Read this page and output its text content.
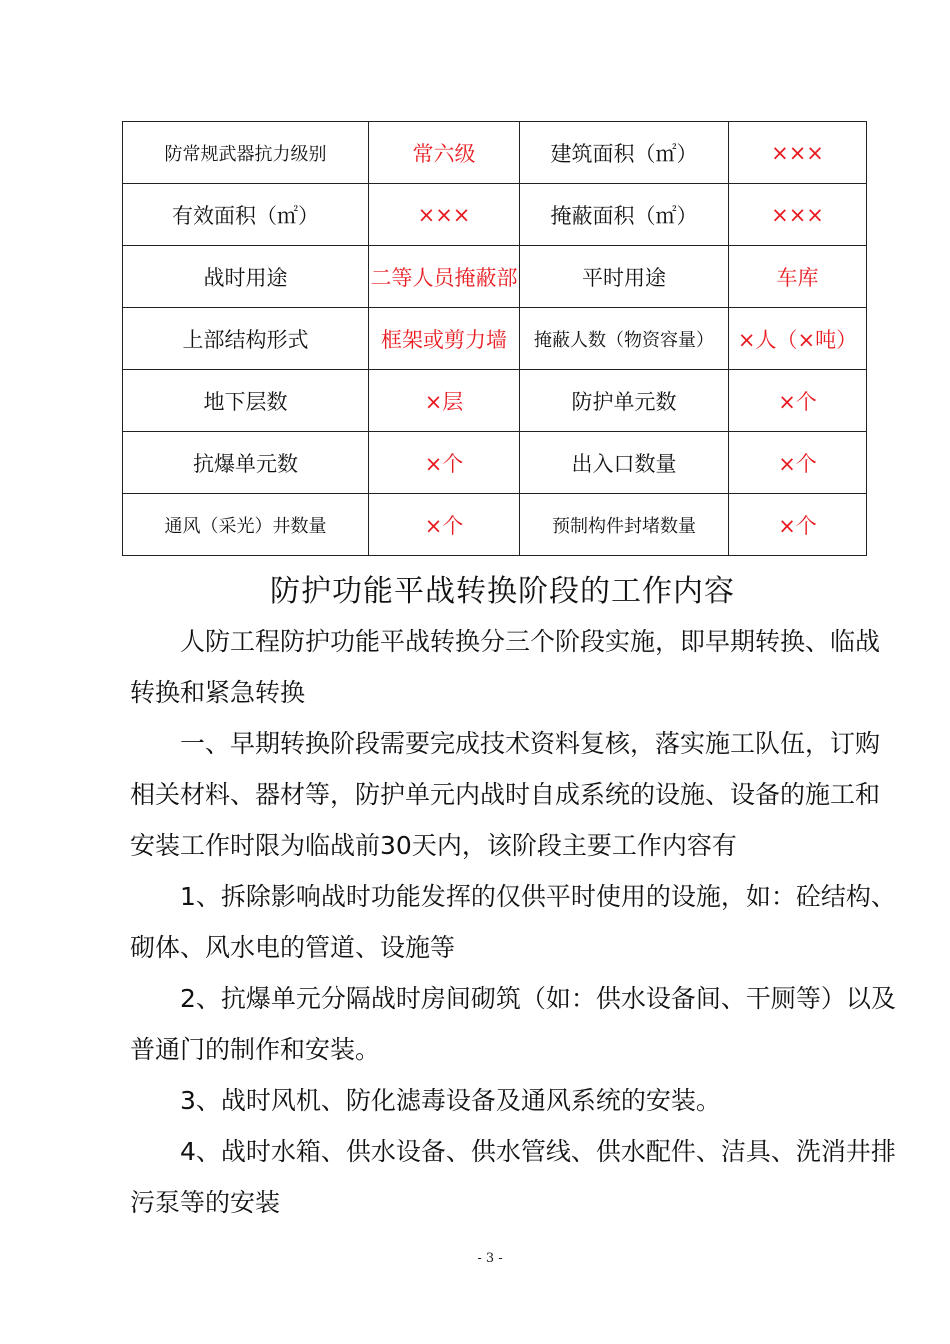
防常规武器抗力级别	常六级	建筑面积（㎡）	×××
有效面积（㎡）	×××	掩蔽面积（㎡）	×××
战时用途	二等人员掩蔽部	平时用途	车库
上部结构形式	框架或剪力墙	掩蔽人数（物资容量）	×人（×吨）
地下层数	×层	防护单元数	×个
抗爆单元数	×个	出入口数量	×个
通风（采光）井数量	×个	预制构件封堵数量	×个
防护功能平战转换阶段的工作内容

人防工程防护功能平战转换分三个阶段实施，即早期转换、临战转换和紧急转换

一、早期转换阶段需要完成技术资料复核，落实施工队伍，订购相关材料、器材等，防护单元内战时自成系统的设施、设备的施工和安装工作时限为临战前30天内，该阶段主要工作内容有

1、拆除影响战时功能发挥的仅供平时使用的设施，如：砼结构、砌体、风水电的管道、设施等

2、抗爆单元分隔战时房间砌筑（如：供水设备间、干厕等）以及普通门的制作和安装。

3、战时风机、防化滤毒设备及通风系统的安装。

4、战时水箱、供水设备、供水管线、供水配件、洁具、洗消井排污泵等的安装

- 3 -
